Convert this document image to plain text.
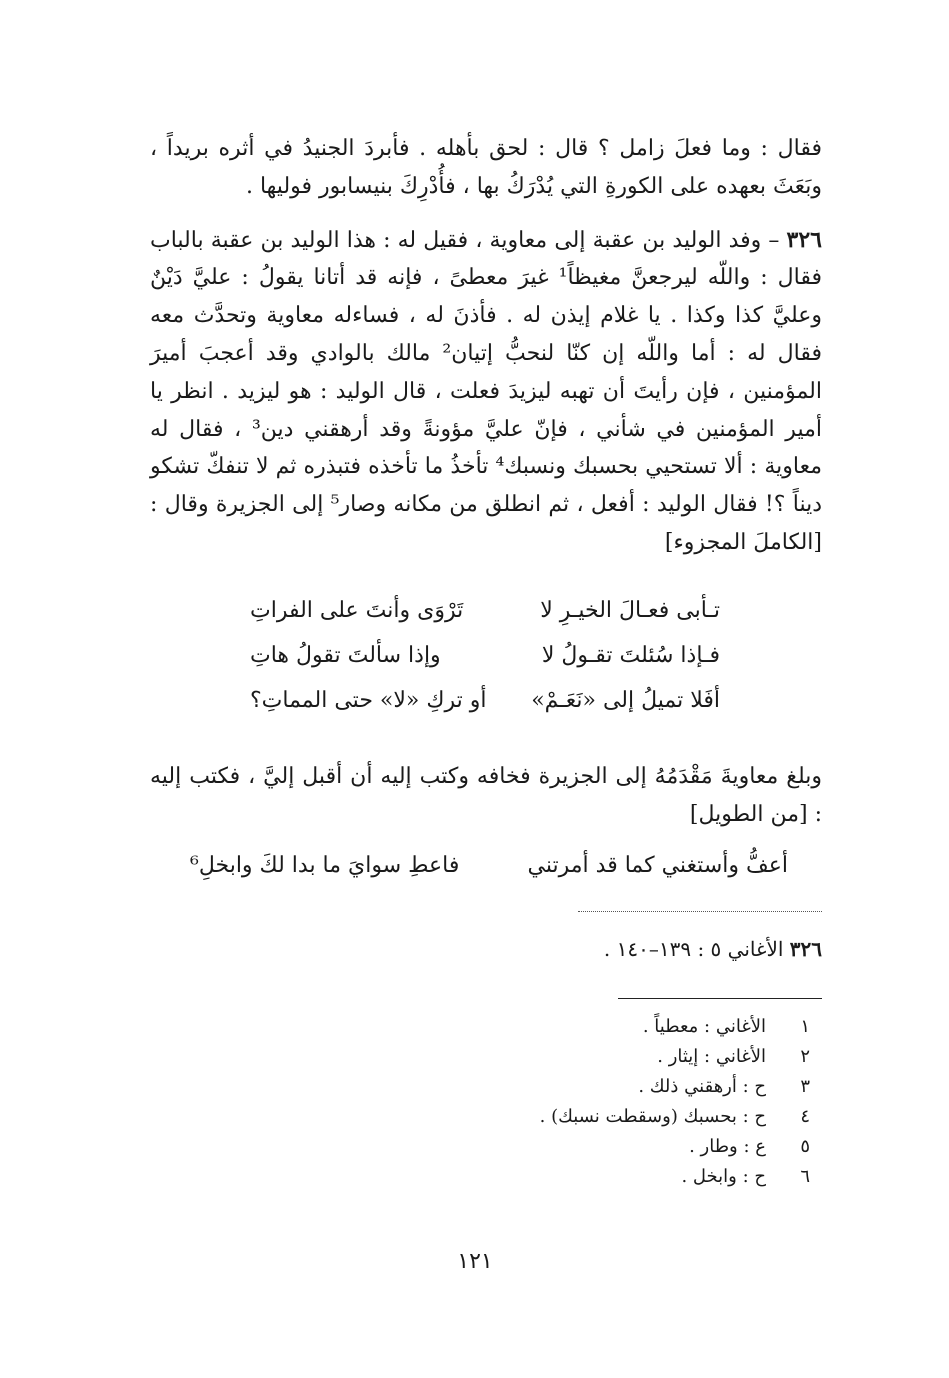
فقال : وما فعلَ زامل ؟ قال : لحق بأهله . فأبردَ الجنيدُ في أثره بريداً ، وبَعَثَ بعهده على الكورةِ التي يُدْرَكُ بها ، فأُدْرِكَ بنيسابور فوليها .

٣٢٦ – وفد الوليد بن عقبة إلى معاوية ، فقيل له : هذا الوليد بن عقبة بالباب فقال : واللّه ليرجعنَّ مغيظاً¹ غيرَ معطىً ، فإنه قد أتانا يقولُ : عليَّ دَيْنٌ وعليَّ كذا وكذا . يا غلام إيذن له . فأذنَ له ، فساءله معاوية وتحدَّث معه فقال له : أما واللّه إن كنّا لنحبُّ إتيان² مالك بالوادي وقد أعجبَ أميرَ المؤمنين ، فإن رأيتَ أن تهبه ليزيدَ فعلت ، قال الوليد : هو ليزيد . انظر يا أمير المؤمنين في شأني ، فإنّ عليَّ مؤونةً وقد أرهقني دين³ ، فقال له معاوية : ألا تستحيي بحسبك ونسبك⁴ تأخذُ ما تأخذه فتبذره ثم لا تنفكّ تشكو ديناً ؟! فقال الوليد : أفعل ، ثم انطلق من مكانه وصار⁵ إلى الجزيرة وقال : [الكاملَ المجزوء]

تـأبى فعـالَ الخيـرِ لا
تَرْوَى وأنتَ على الفراتِ
فـإذا سُئلتَ تقـولُ لا
وإذا سألتَ تقولُ هاتِ
أفَلا تميلُ إلى «نَعَـمْ»
أو تركِ «لا» حتى المماتِ؟
وبلغ معاويةَ مَقْدَمُهُ إلى الجزيرة فخافه وكتب إليه أن أقبل إليَّ ، فكتب إليه : [من الطويل]
أعفُّ وأستغني كما قد أمرتني
فاعطِ سوايَ ما بدا لكَ وابخلِ⁶
٣٢٦ الأغاني ٥ : ١٣٩–١٤٠ .
١
الأغاني : معطياً .
٢
الأغاني : إيثار .
٣
ح : أرهقني ذلك .
٤
ح : بحسبك (وسقطت نسبك) .
٥
ع : وطار .
٦
ح : وابخل .
١٢١
